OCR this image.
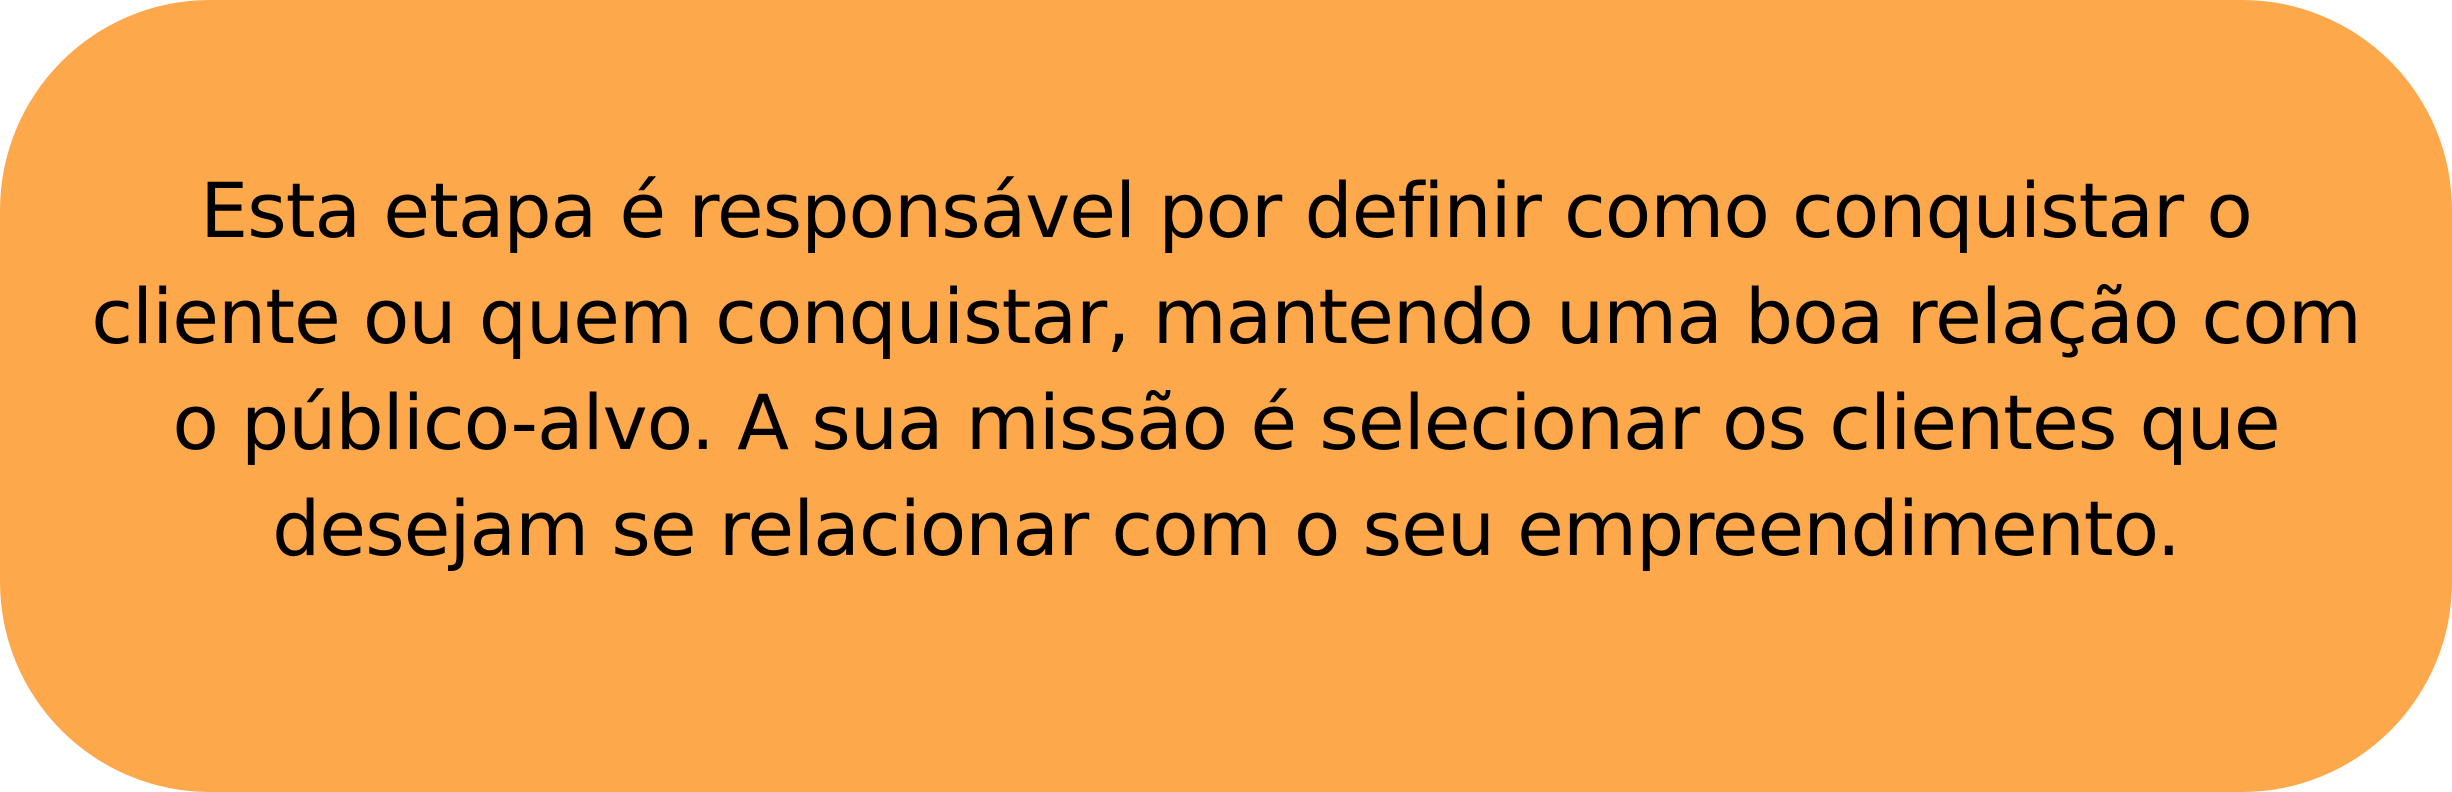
Esta etapa é responsável por definir como conquistar o
cliente ou quem conquistar, mantendo uma boa relação com
o público-alvo. A sua missão é selecionar os clientes que
desejam se relacionar com o seu empreendimento.
